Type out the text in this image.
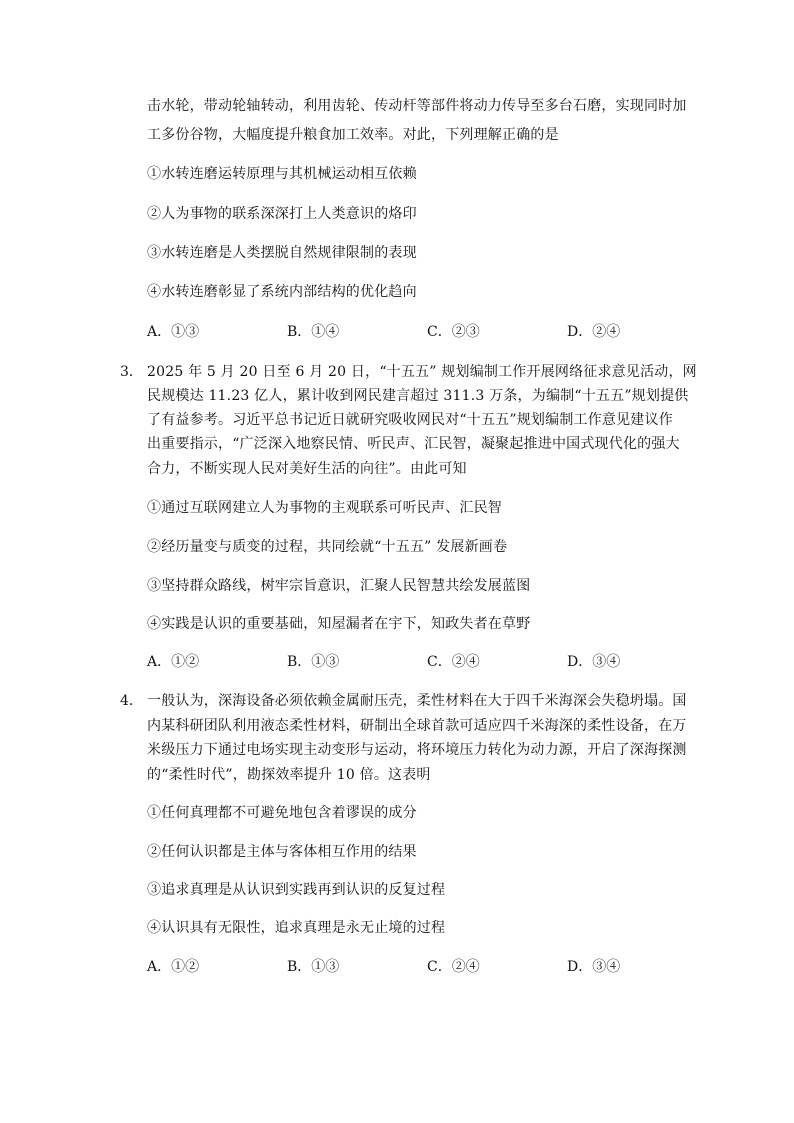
击水轮，带动轮轴转动，利用齿轮、传动杆等部件将动力传导至多台石磨，实现同时加
工多份谷物，大幅度提升粮食加工效率。对此，下列理解正确的是
①水转连磨运转原理与其机械运动相互依赖
②人为事物的联系深深打上人类意识的烙印
③水转连磨是人类摆脱自然规律限制的表现
④水转连磨彰显了系统内部结构的优化趋向
A．①③	B．①④	C．②③	D．②④
3． 2025 年 5 月 20 日至 6 月 20 日，“十五五” 规划编制工作开展网络征求意见活动，网
民规模达 11.23 亿人，累计收到网民建言超过 311.3 万条，为编制“十五五”规划提供
了有益参考。习近平总书记近日就研究吸收网民对“十五五”规划编制工作意见建议作
出重要指示，“广泛深入地察民情、听民声、汇民智，凝聚起推进中国式现代化的强大
合力，不断实现人民对美好生活的向往”。由此可知
①通过互联网建立人为事物的主观联系可听民声、汇民智
②经历量变与质变的过程，共同绘就“十五五” 发展新画卷
③坚持群众路线，树牢宗旨意识，汇聚人民智慧共绘发展蓝图
④实践是认识的重要基础，知屋漏者在宇下，知政失者在草野
A．①②	B．①③	C．②④	D．③④
4． 一般认为，深海设备必须依赖金属耐压壳，柔性材料在大于四千米海深会失稳坍塌。国
内某科研团队利用液态柔性材料，研制出全球首款可适应四千米海深的柔性设备，在万
米级压力下通过电场实现主动变形与运动，将环境压力转化为动力源，开启了深海探测
的“柔性时代”，勘探效率提升 10 倍。这表明
①任何真理都不可避免地包含着谬误的成分
②任何认识都是主体与客体相互作用的结果
③追求真理是从认识到实践再到认识的反复过程
④认识具有无限性，追求真理是永无止境的过程
A．①②	B．①③	C．②④	D．③④
